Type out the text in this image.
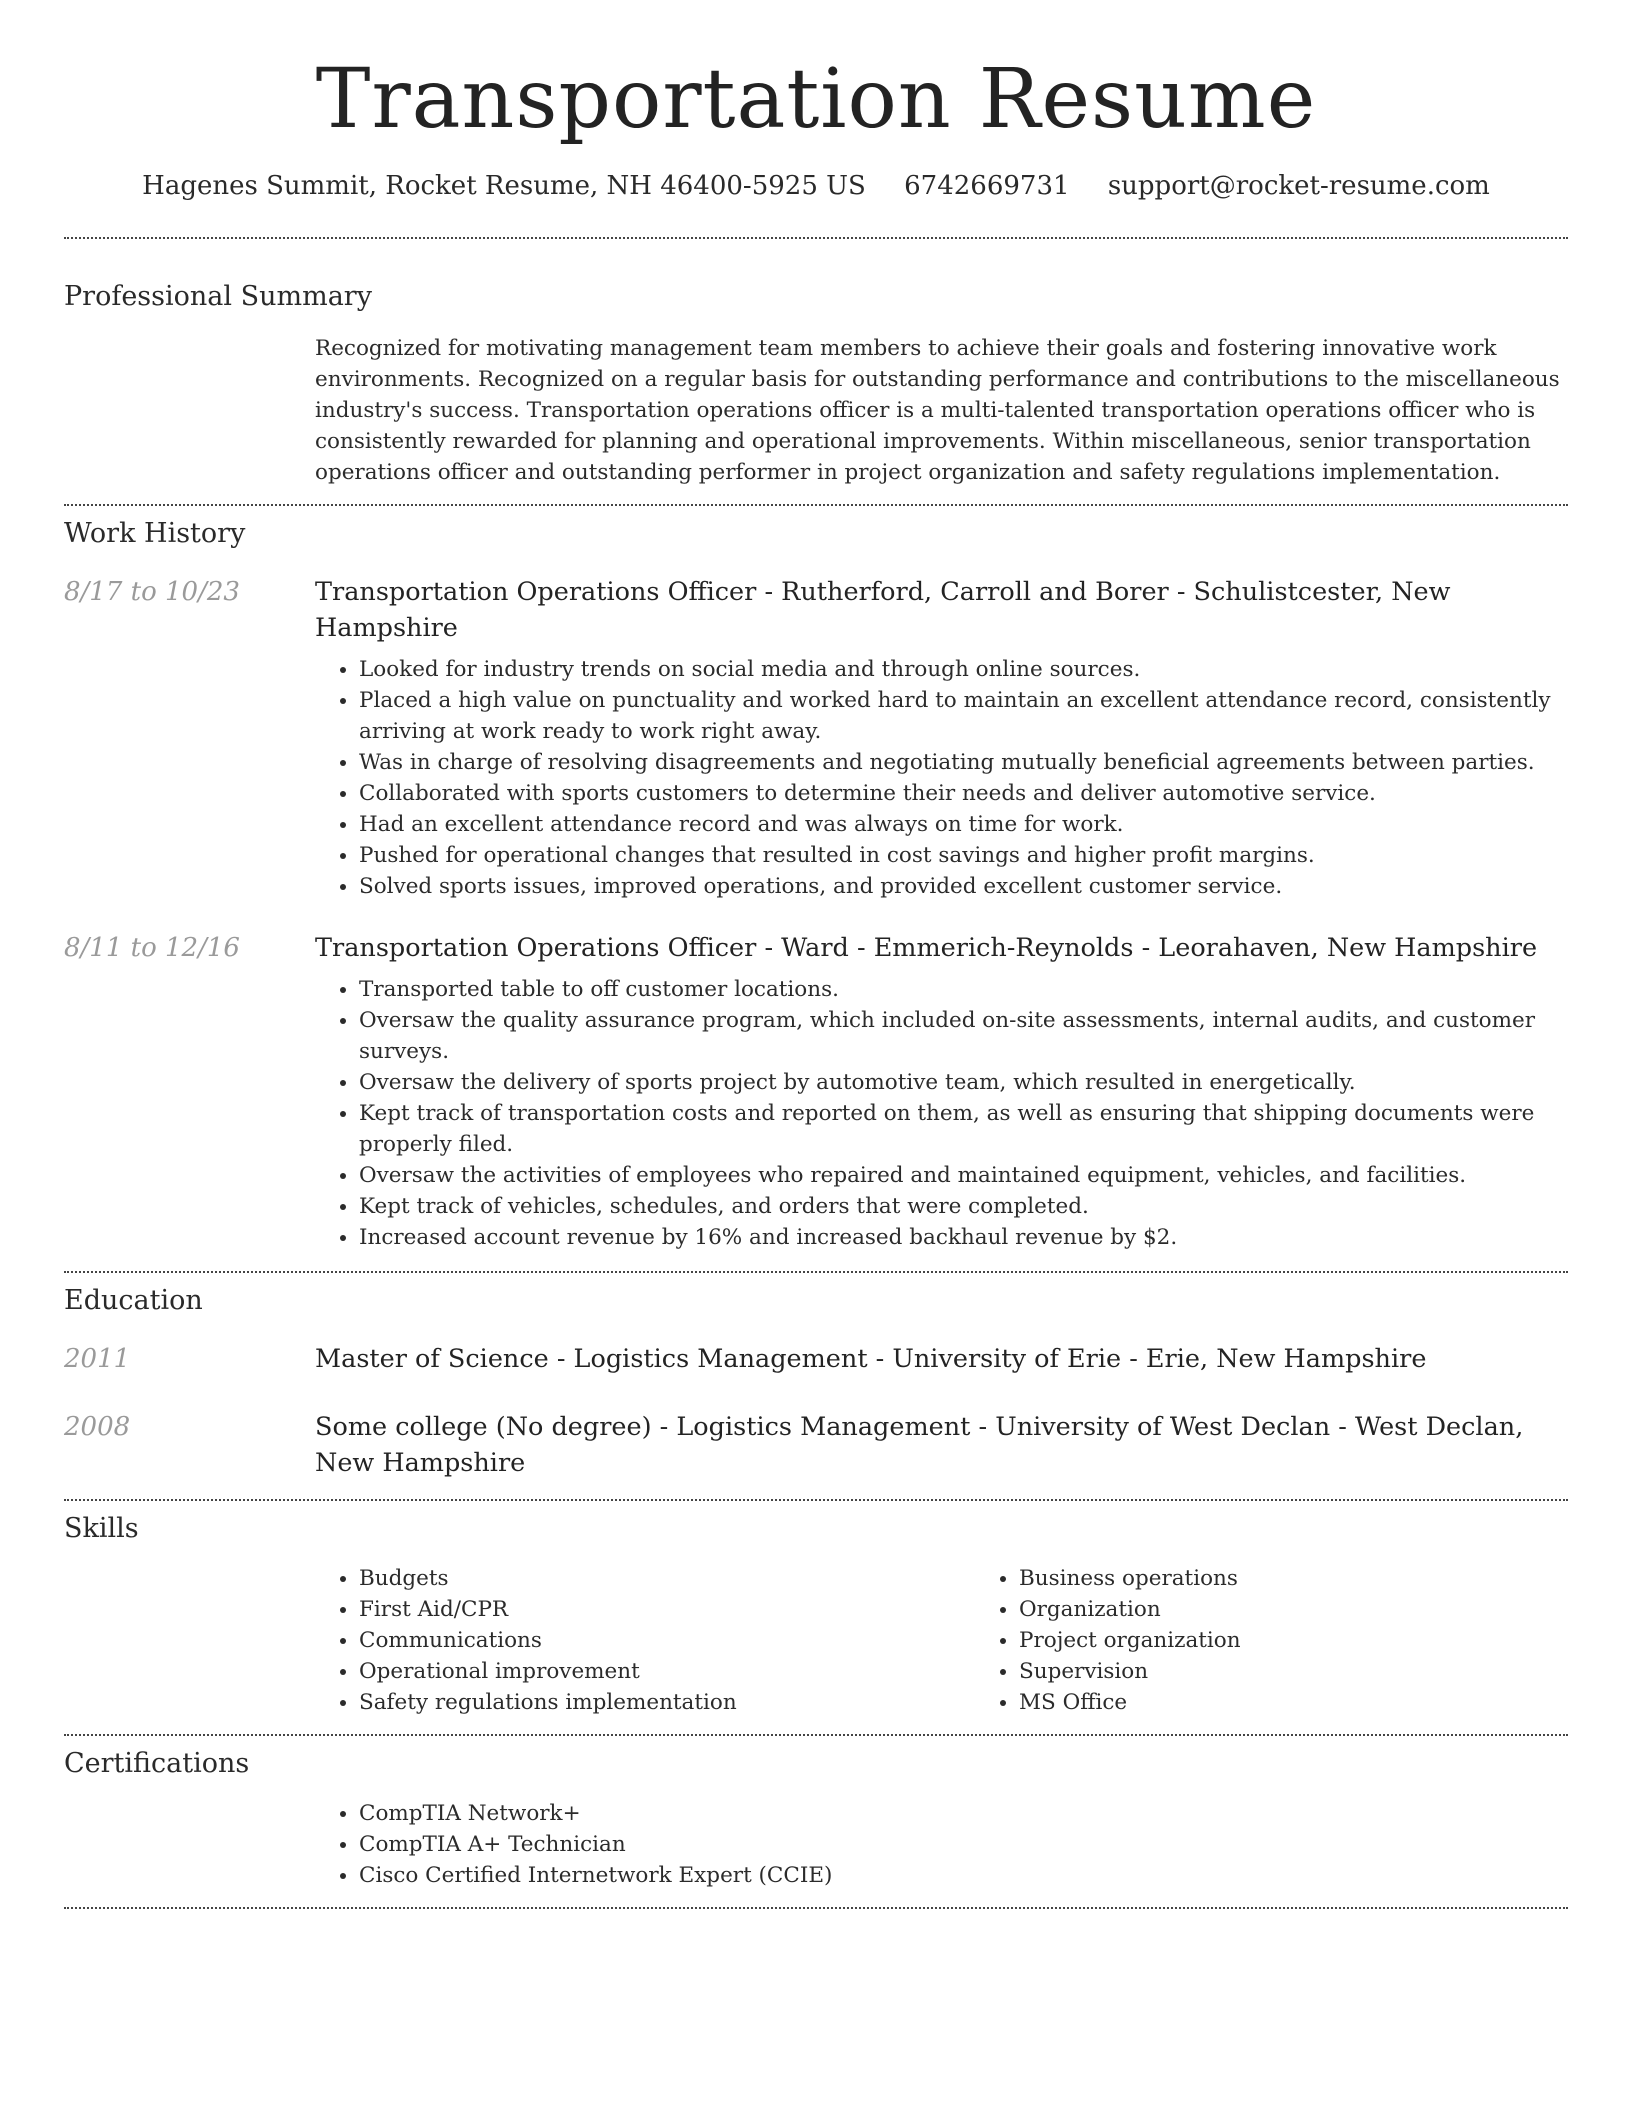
Transportation Resume
Hagenes Summit, Rocket Resume, NH 46400-5925 US 6742669731 support@rocket-resume.com
Professional Summary
Recognized for motivating management team members to achieve their goals and fostering innovative work environments. Recognized on a regular basis for outstanding performance and contributions to the miscellaneous industry's success. Transportation operations officer is a multi-talented transportation operations officer who is consistently rewarded for planning and operational improvements. Within miscellaneous, senior transportation operations officer and outstanding performer in project organization and safety regulations implementation.
Work History
8/17 to 10/23	Transportation Operations Officer - Rutherford, Carroll and Borer - Schulistcester, New Hampshire
• Looked for industry trends on social media and through online sources.
• Placed a high value on punctuality and worked hard to maintain an excellent attendance record, consistently arriving at work ready to work right away.
• Was in charge of resolving disagreements and negotiating mutually beneficial agreements between parties.
• Collaborated with sports customers to determine their needs and deliver automotive service.
• Had an excellent attendance record and was always on time for work.
• Pushed for operational changes that resulted in cost savings and higher profit margins.
• Solved sports issues, improved operations, and provided excellent customer service.
8/11 to 12/16	Transportation Operations Officer - Ward - Emmerich-Reynolds - Leorahaven, New Hampshire
• Transported table to off customer locations.
• Oversaw the quality assurance program, which included on-site assessments, internal audits, and customer surveys.
• Oversaw the delivery of sports project by automotive team, which resulted in energetically.
• Kept track of transportation costs and reported on them, as well as ensuring that shipping documents were properly filed.
• Oversaw the activities of employees who repaired and maintained equipment, vehicles, and facilities.
• Kept track of vehicles, schedules, and orders that were completed.
• Increased account revenue by 16% and increased backhaul revenue by $2.
Education
2011	Master of Science - Logistics Management - University of Erie - Erie, New Hampshire
2008	Some college (No degree) - Logistics Management - University of West Declan - West Declan, New Hampshire
Skills
• Budgets
• First Aid/CPR
• Communications
• Operational improvement
• Safety regulations implementation
• Business operations
• Organization
• Project organization
• Supervision
• MS Office
Certifications
• CompTIA Network+
• CompTIA A+ Technician
• Cisco Certified Internetwork Expert (CCIE)
